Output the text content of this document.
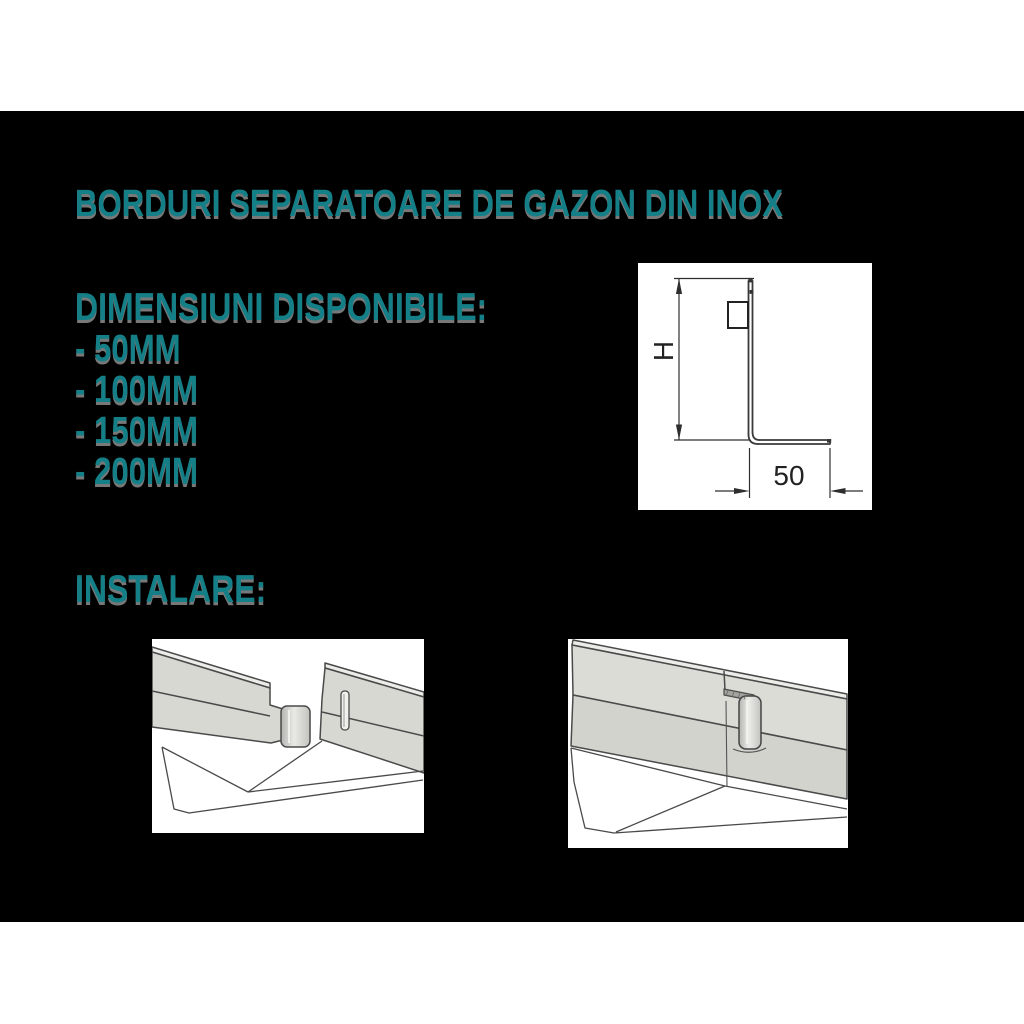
BORDURI SEPARATOARE DE GAZON DIN INOX
DIMENSIUNI DISPONIBILE:
- 50MM
- 100MM
- 150MM
- 200MM
INSTALARE:
H
50
